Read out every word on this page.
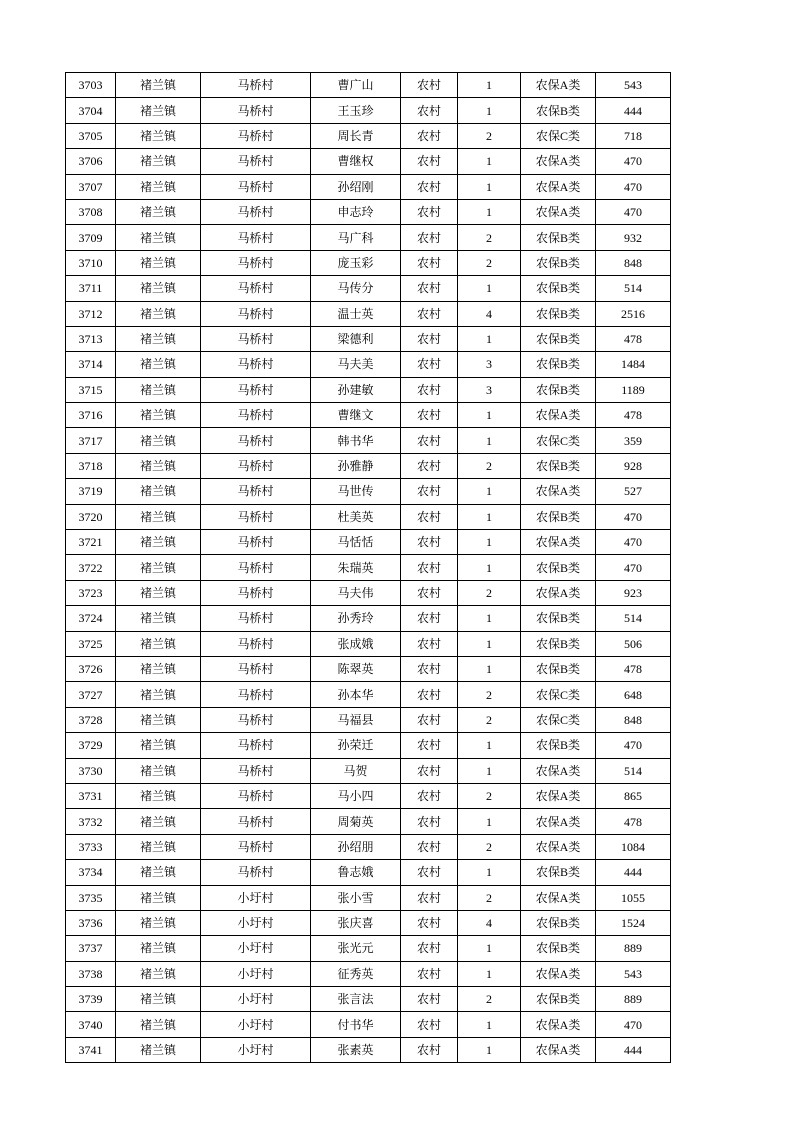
3703	褚兰镇	马桥村	曹广山	农村	1	农保A类	543
3704	褚兰镇	马桥村	王玉珍	农村	1	农保B类	444
3705	褚兰镇	马桥村	周长青	农村	2	农保C类	718
3706	褚兰镇	马桥村	曹继权	农村	1	农保A类	470
3707	褚兰镇	马桥村	孙绍刚	农村	1	农保A类	470
3708	褚兰镇	马桥村	申志玲	农村	1	农保A类	470
3709	褚兰镇	马桥村	马广科	农村	2	农保B类	932
3710	褚兰镇	马桥村	庞玉彩	农村	2	农保B类	848
3711	褚兰镇	马桥村	马传分	农村	1	农保B类	514
3712	褚兰镇	马桥村	温士英	农村	4	农保B类	2516
3713	褚兰镇	马桥村	梁德利	农村	1	农保B类	478
3714	褚兰镇	马桥村	马夫美	农村	3	农保B类	1484
3715	褚兰镇	马桥村	孙建敏	农村	3	农保B类	1189
3716	褚兰镇	马桥村	曹继文	农村	1	农保A类	478
3717	褚兰镇	马桥村	韩书华	农村	1	农保C类	359
3718	褚兰镇	马桥村	孙雅静	农村	2	农保B类	928
3719	褚兰镇	马桥村	马世传	农村	1	农保A类	527
3720	褚兰镇	马桥村	杜美英	农村	1	农保B类	470
3721	褚兰镇	马桥村	马恬恬	农村	1	农保A类	470
3722	褚兰镇	马桥村	朱瑞英	农村	1	农保B类	470
3723	褚兰镇	马桥村	马夫伟	农村	2	农保A类	923
3724	褚兰镇	马桥村	孙秀玲	农村	1	农保B类	514
3725	褚兰镇	马桥村	张成娥	农村	1	农保B类	506
3726	褚兰镇	马桥村	陈翠英	农村	1	农保B类	478
3727	褚兰镇	马桥村	孙本华	农村	2	农保C类	648
3728	褚兰镇	马桥村	马福县	农村	2	农保C类	848
3729	褚兰镇	马桥村	孙荣迁	农村	1	农保B类	470
3730	褚兰镇	马桥村	马贺	农村	1	农保A类	514
3731	褚兰镇	马桥村	马小四	农村	2	农保A类	865
3732	褚兰镇	马桥村	周菊英	农村	1	农保A类	478
3733	褚兰镇	马桥村	孙绍朋	农村	2	农保A类	1084
3734	褚兰镇	马桥村	鲁志娥	农村	1	农保B类	444
3735	褚兰镇	小圩村	张小雪	农村	2	农保A类	1055
3736	褚兰镇	小圩村	张庆喜	农村	4	农保B类	1524
3737	褚兰镇	小圩村	张光元	农村	1	农保B类	889
3738	褚兰镇	小圩村	征秀英	农村	1	农保A类	543
3739	褚兰镇	小圩村	张言法	农村	2	农保B类	889
3740	褚兰镇	小圩村	付书华	农村	1	农保A类	470
3741	褚兰镇	小圩村	张素英	农村	1	农保A类	444
